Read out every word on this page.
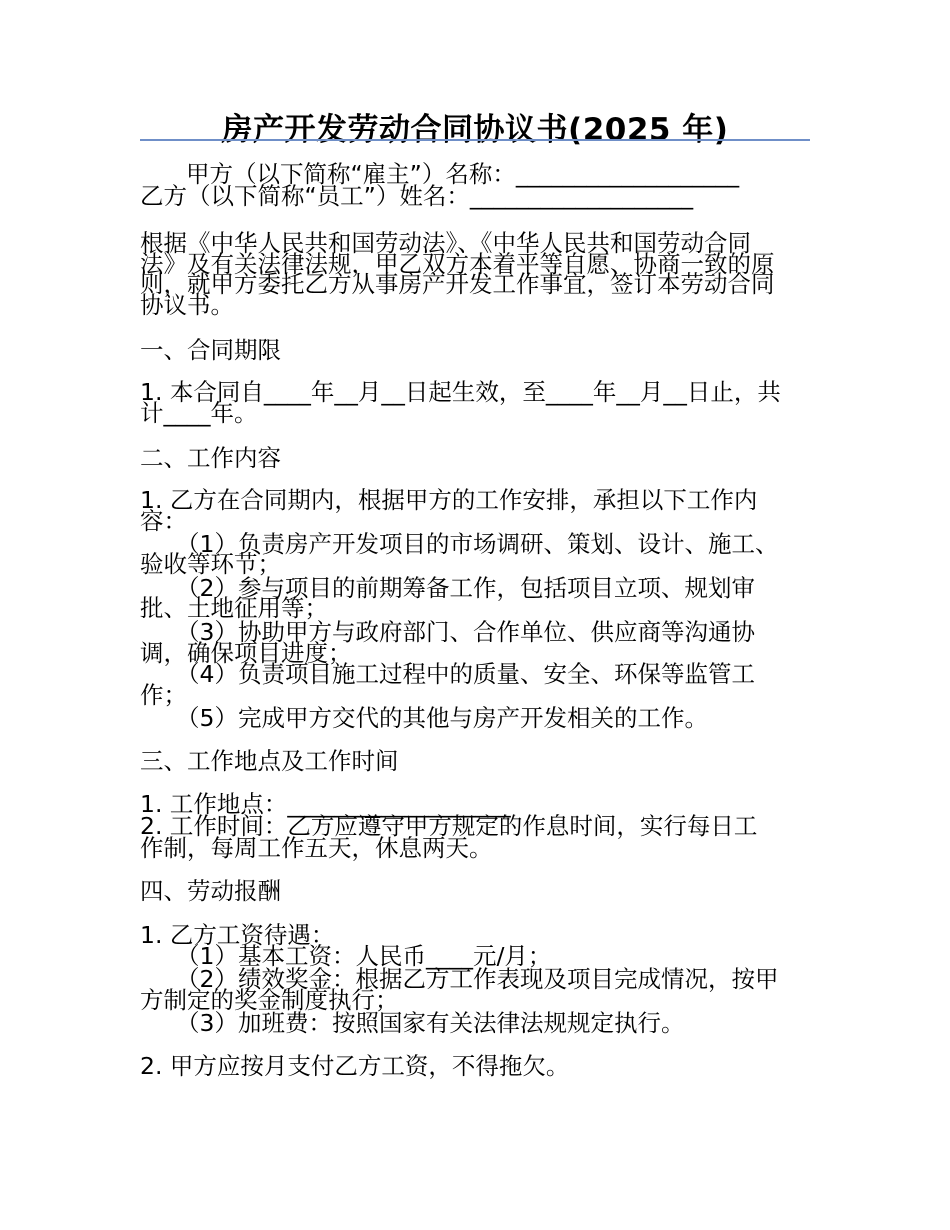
房产开发劳动合同协议书(2025 年)
甲方（以下简称“雇主”）名称：___________________
乙方（以下简称“员工”）姓名：___________________
根据《中华人民共和国劳动法》、《中华人民共和国劳动合同
法》及有关法律法规，甲乙双方本着平等自愿、协商一致的原
则，就甲方委托乙方从事房产开发工作事宜，签订本劳动合同
协议书。
一、合同期限
1. 本合同自____年__月__日起生效，至____年__月__日止，共
计____年。
二、工作内容
1. 乙方在合同期内，根据甲方的工作安排，承担以下工作内
容：
（1）负责房产开发项目的市场调研、策划、设计、施工、
验收等环节；
（2）参与项目的前期筹备工作，包括项目立项、规划审
批、土地征用等；
（3）协助甲方与政府部门、合作单位、供应商等沟通协
调，确保项目进度；
（4）负责项目施工过程中的质量、安全、环保等监管工
作；
（5）完成甲方交代的其他与房产开发相关的工作。
三、工作地点及工作时间
1. 工作地点：___________________
2. 工作时间：乙方应遵守甲方规定的作息时间，实行每日工
作制，每周工作五天，休息两天。
四、劳动报酬
1. 乙方工资待遇：
（1）基本工资：人民币____元/月；
（2）绩效奖金：根据乙方工作表现及项目完成情况，按甲
方制定的奖金制度执行；
（3）加班费：按照国家有关法律法规规定执行。
2. 甲方应按月支付乙方工资，不得拖欠。
